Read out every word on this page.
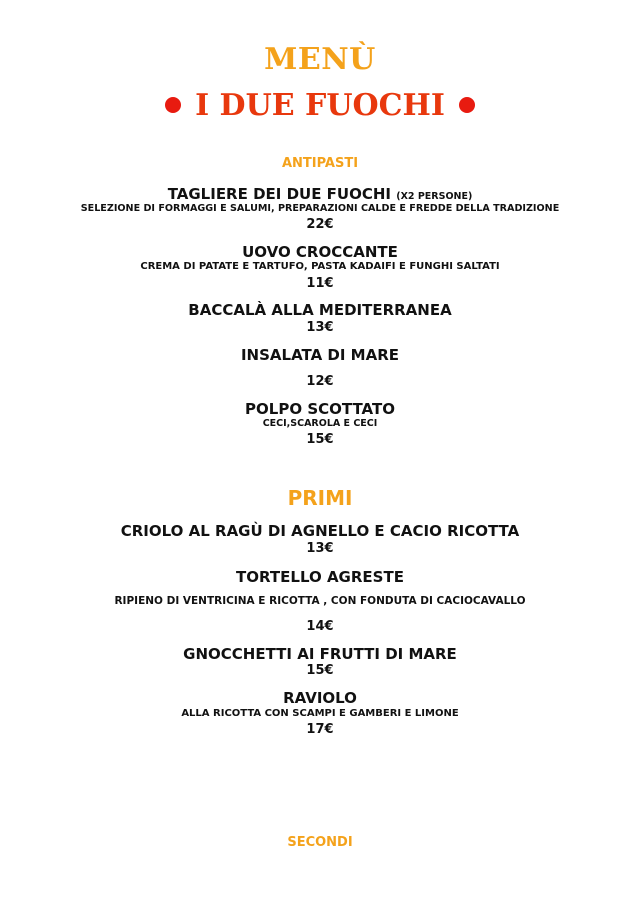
MENÙ
I DUE FUOCHI
ANTIPASTI
TAGLIERE DEI DUE FUOCHI (X2 PERSONE)
SELEZIONE DI FORMAGGI E SALUMI, PREPARAZIONI CALDE E FREDDE DELLA TRADIZIONE
22€
UOVO CROCCANTE
CREMA DI PATATE E TARTUFO, PASTA KADAIFI E FUNGHI SALTATI
11€
BACCALÀ ALLA MEDITERRANEA
13€
INSALATA DI MARE
12€
POLPO SCOTTATO
CECI,SCAROLA E CECI
15€
PRIMI
CRIOLO AL RAGÙ DI AGNELLO E CACIO RICOTTA
13€
TORTELLO AGRESTE
RIPIENO DI VENTRICINA E RICOTTA , CON FONDUTA DI CACIOCAVALLO
14€
GNOCCHETTI AI FRUTTI DI MARE
15€
RAVIOLO
ALLA RICOTTA CON SCAMPI E GAMBERI E LIMONE
17€
SECONDI
